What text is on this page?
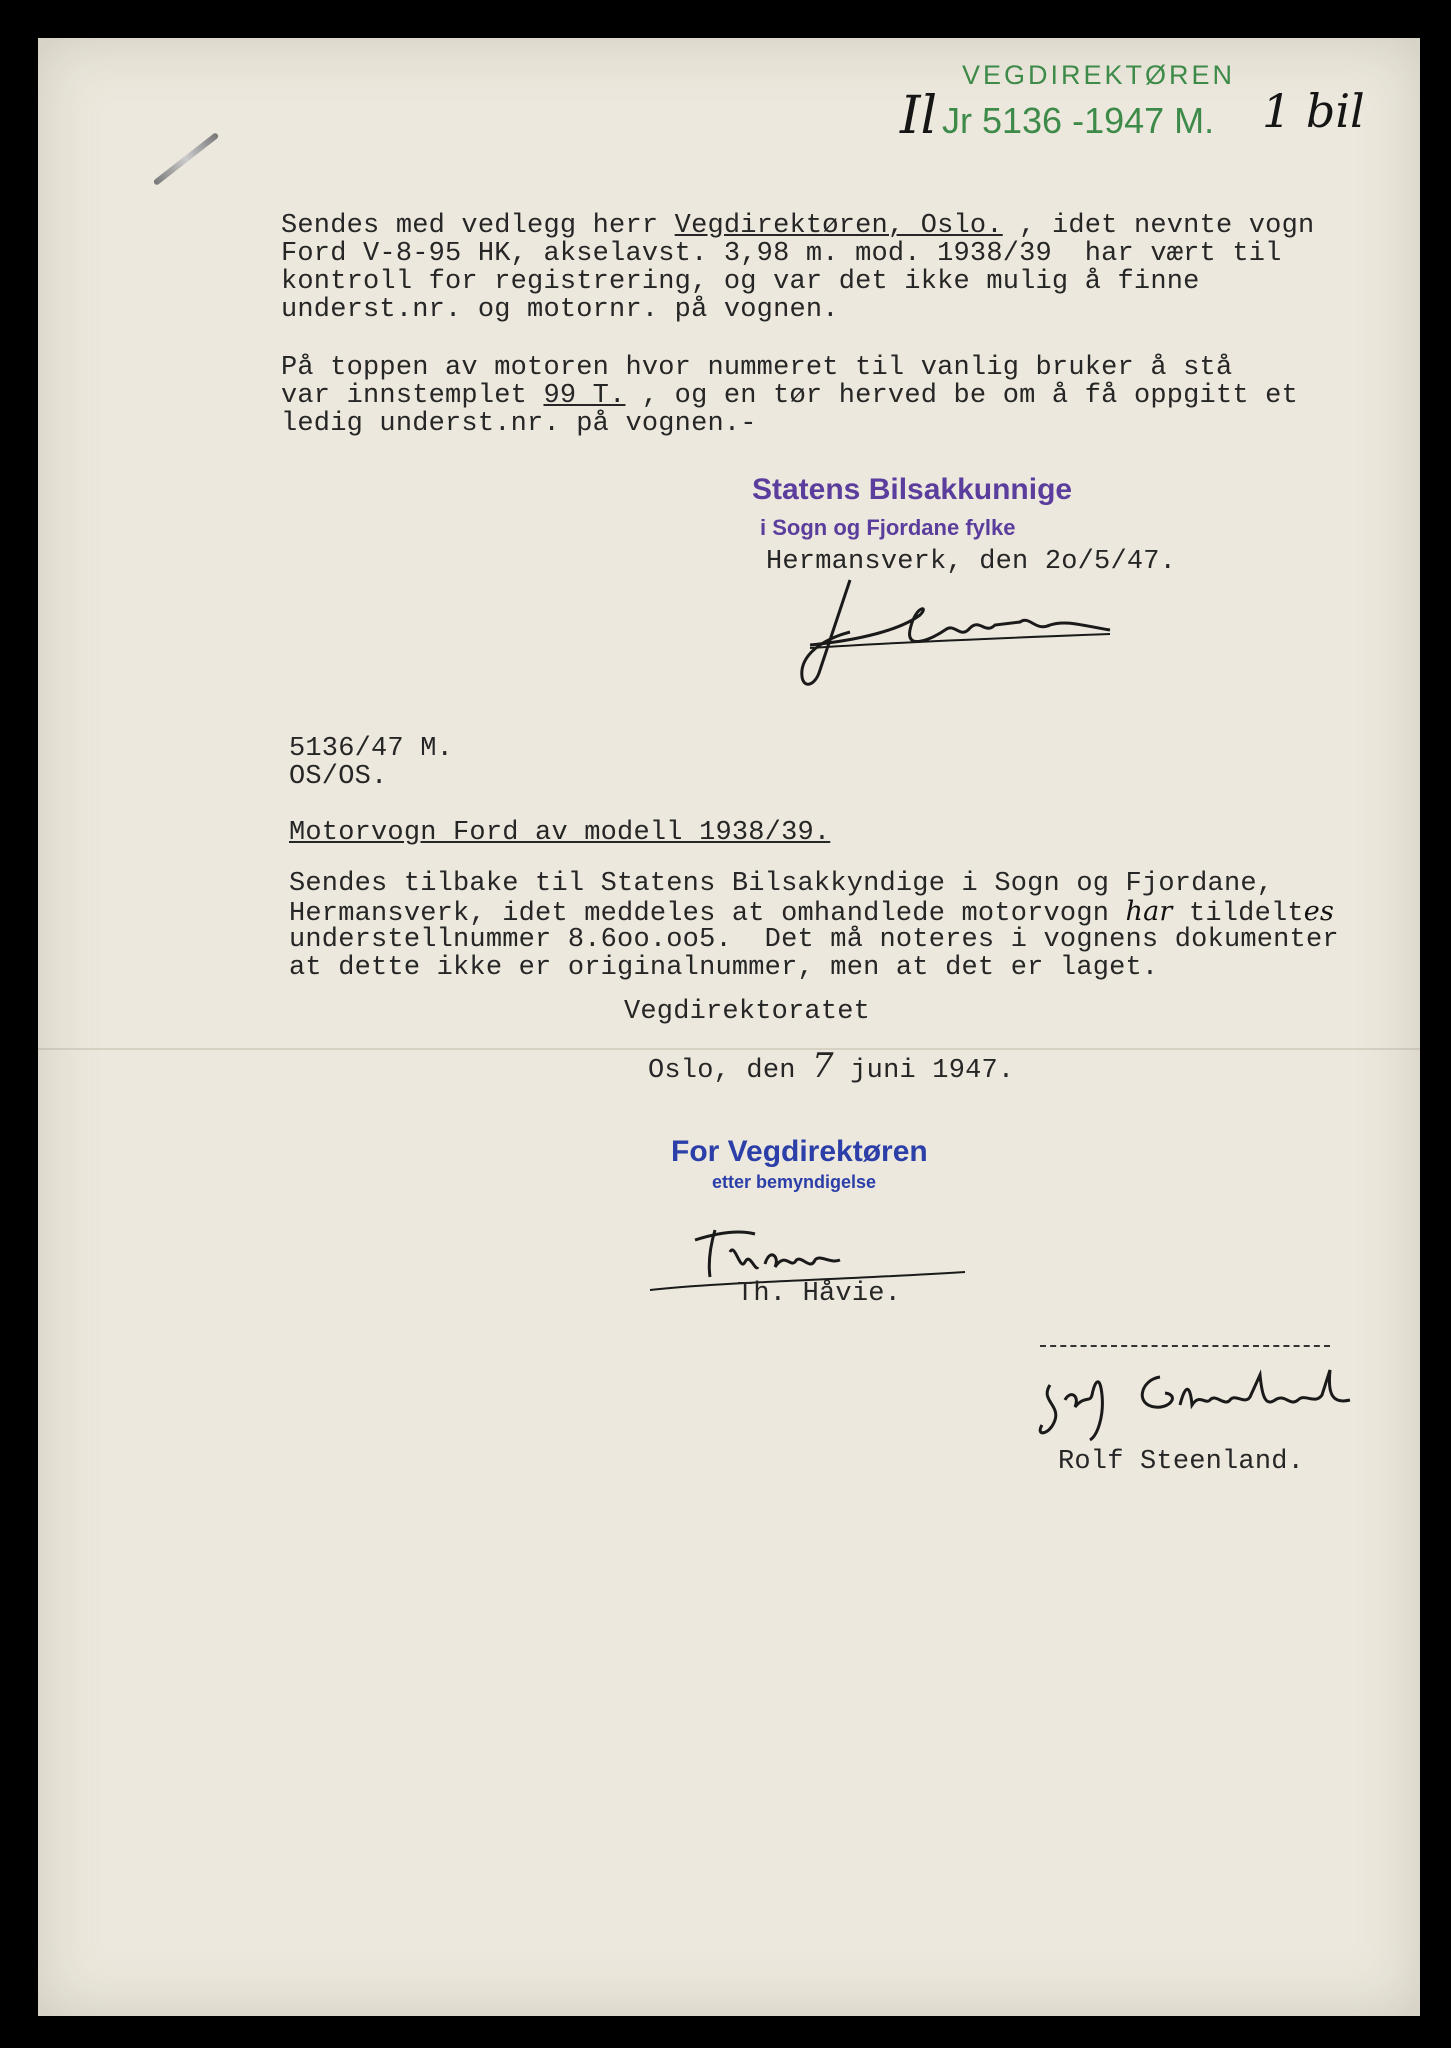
VEGDIREKTØREN
Jr 5136 -1947 M.
Il	1 bil
Sendes med vedlegg herr Vegdirektøren, Oslo. , idet nevnte vogn
Ford V-8-95 HK, akselavst. 3,98 m. mod. 1938/39  har vært til
kontroll for registrering, og var det ikke mulig å finne
underst.nr. og motornr. på vognen.
På toppen av motoren hvor nummeret til vanlig bruker å stå
var innstemplet 99 T. , og en tør herved be om å få oppgitt et
ledig underst.nr. på vognen.-
Statens Bilsakkunnige
i Sogn og Fjordane fylke
Hermansverk, den 2o/5/47.
5136/47 M.
OS/OS.
Motorvogn Ford av modell 1938/39.
Sendes tilbake til Statens Bilsakkyndige i Sogn og Fjordane,
Hermansverk, idet meddeles at omhandlede motorvogn har tildeltes
understellnummer 8.6oo.oo5.  Det må noteres i vognens dokumenter
at dette ikke er originalnummer, men at det er laget.
Vegdirektoratet
Oslo, den 7 juni 1947.
For Vegdirektøren
etter bemyndigelse
Th. Håvie.
Rolf Steenland.
